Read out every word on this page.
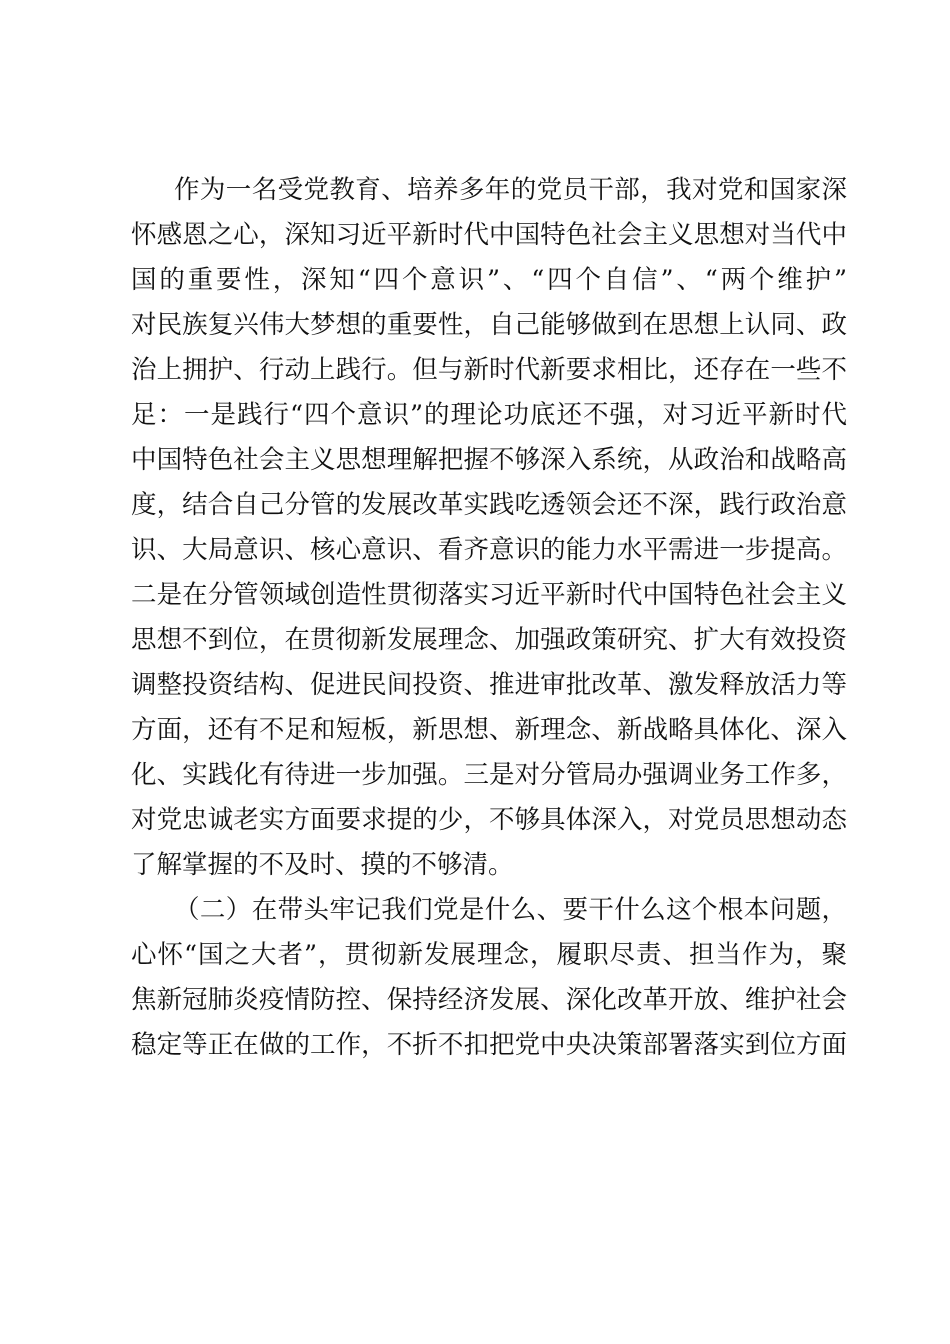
作为一名受党教育、培养多年的党员干部，我对党和国家深
怀感恩之心，深知习近平新时代中国特色社会主义思想对当代中
国的重要性，深知“四个意识”、“四个自信”、“两个维护”
对民族复兴伟大梦想的重要性，自己能够做到在思想上认同、政
治上拥护、行动上践行。但与新时代新要求相比，还存在一些不
足：一是践行“四个意识”的理论功底还不强，对习近平新时代
中国特色社会主义思想理解把握不够深入系统，从政治和战略高
度，结合自己分管的发展改革实践吃透领会还不深，践行政治意
识、大局意识、核心意识、看齐意识的能力水平需进一步提高。
二是在分管领域创造性贯彻落实习近平新时代中国特色社会主义
思想不到位，在贯彻新发展理念、加强政策研究、扩大有效投资
调整投资结构、促进民间投资、推进审批改革、激发释放活力等
方面，还有不足和短板，新思想、新理念、新战略具体化、深入
化、实践化有待进一步加强。三是对分管局办强调业务工作多，
对党忠诚老实方面要求提的少，不够具体深入，对党员思想动态
了解掌握的不及时、摸的不够清。
（二）在带头牢记我们党是什么、要干什么这个根本问题，
心怀“国之大者”，贯彻新发展理念，履职尽责、担当作为，聚
焦新冠肺炎疫情防控、保持经济发展、深化改革开放、维护社会
稳定等正在做的工作，不折不扣把党中央决策部署落实到位方面
